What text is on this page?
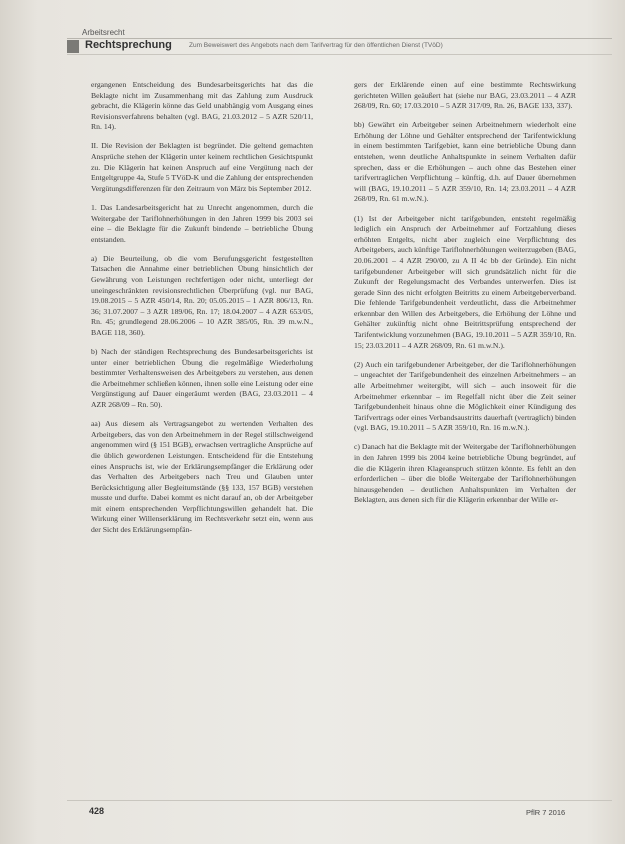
Arbeitsrecht
Rechtsprechung	Zum Beweiswert des Angebots nach dem Tarifvertrag für den öffentlichen Dienst (TVöD)

ergangenen Entscheidung des Bundesarbeitsgerichts hat das die Beklagte nicht im Zusammenhang mit das Zahlung zum Ausdruck gebracht, die Klägerin könne das Geld unabhängig vom Ausgang eines Revisionsverfahrens behalten (vgl. BAG, 21.03.2012 – 5 AZR 520/11, Rn. 14).

II. Die Revision der Beklagten ist begründet. Die geltend gemachten Ansprüche stehen der Klägerin unter keinem rechtlichen Gesichtspunkt zu. Die Klägerin hat keinen Anspruch auf eine Vergütung nach der Entgeltgruppe 4a, Stufe 5 TVöD-K und die Zahlung der entsprechenden Vergütungsdifferenzen für den Zeitraum von März bis September 2012.

1. Das Landesarbeitsgericht hat zu Unrecht angenommen, durch die Weitergabe der Tariflohnerhöhungen in den Jahren 1999 bis 2003 sei eine – die Beklagte für die Zukunft bindende – betriebliche Übung entstanden.

a) Die Beurteilung, ob die vom Berufungsgericht festgestellten Tatsachen die Annahme einer betrieblichen Übung hinsichtlich der Gewährung von Leistungen rechtfertigen oder nicht, unterliegt der uneingeschränkten revisionsrechtlichen Überprüfung (vgl. nur BAG, 19.08.2015 – 5 AZR 450/14, Rn. 20; 05.05.2015 – 1 AZR 806/13, Rn. 36; 31.07.2007 – 3 AZR 189/06, Rn. 17; 18.04.2007 – 4 AZR 653/05, Rn. 45; grundlegend 28.06.2006 – 10 AZR 385/05, Rn. 39 m.w.N., BAGE 118, 360).

b) Nach der ständigen Rechtsprechung des Bundesarbeitsgerichts ist unter einer betrieblichen Übung die regelmäßige Wiederholung bestimmter Verhaltensweisen des Arbeitgebers zu verstehen, aus denen die Arbeitnehmer schließen können, ihnen solle eine Leistung oder eine Vergünstigung auf Dauer eingeräumt werden (BAG, 23.03.2011 – 4 AZR 268/09 – Rn. 50).

aa) Aus diesem als Vertragsangebot zu wertenden Verhalten des Arbeitgebers, das von den Arbeitnehmern in der Regel stillschweigend angenommen wird (§ 151 BGB), erwachsen vertragliche Ansprüche auf die üblich gewordenen Leistungen. Entscheidend für die Entstehung eines Anspruchs ist, wie der Erklärungsempfänger die Erklärung oder das Verhalten des Arbeitgebers nach Treu und Glauben unter Berücksichtigung aller Begleitumstände (§§ 133, 157 BGB) verstehen musste und durfte. Dabei kommt es nicht darauf an, ob der Arbeitgeber mit einem entsprechenden Verpflichtungswillen gehandelt hat. Die Wirkung einer Willenserklärung im Rechtsverkehr setzt ein, wenn aus der Sicht des Erklärungsempfän-

gers der Erklärende einen auf eine bestimmte Rechtswirkung gerichteten Willen geäußert hat (siehe nur BAG, 23.03.2011 – 4 AZR 268/09, Rn. 60; 17.03.2010 – 5 AZR 317/09, Rn. 26, BAGE 133, 337).

bb) Gewährt ein Arbeitgeber seinen Arbeitnehmern wiederholt eine Erhöhung der Löhne und Gehälter entsprechend der Tarifentwicklung in einem bestimmten Tarifgebiet, kann eine betriebliche Übung dann entstehen, wenn deutliche Anhaltspunkte in seinem Verhalten dafür sprechen, dass er die Erhöhungen – auch ohne das Bestehen einer tarifvertraglichen Verpflichtung – künftig, d.h. auf Dauer übernehmen will (BAG, 19.10.2011 – 5 AZR 359/10, Rn. 14; 23.03.2011 – 4 AZR 268/09, Rn. 61 m.w.N.).

(1) Ist der Arbeitgeber nicht tarifgebunden, entsteht regelmäßig lediglich ein Anspruch der Arbeitnehmer auf Fortzahlung dieses erhöhten Entgelts, nicht aber zugleich eine Verpflichtung des Arbeitgebers, auch künftige Tariflohnerhöhungen weiterzugeben (BAG, 20.06.2001 – 4 AZR 290/00, zu A II 4c bb der Gründe). Ein nicht tarifgebundener Arbeitgeber will sich grundsätzlich nicht für die Zukunft der Regelungsmacht des Verbandes unterwerfen. Dies ist gerade Sinn des nicht erfolgten Beitritts zu einem Arbeitgeberverband. Die fehlende Tarifgebundenheit verdeutlicht, dass die Arbeitnehmer erkennbar den Willen des Arbeitgebers, die Erhöhung der Löhne und Gehälter zukünftig nicht ohne Beitrittsprüfung entsprechend der Tarifentwicklung vorzunehmen (BAG, 19.10.2011 – 5 AZR 359/10, Rn. 15; 23.03.2011 – 4 AZR 268/09, Rn. 61 m.w.N.).

(2) Auch ein tarifgebundener Arbeitgeber, der die Tariflohnerhöhungen – ungeachtet der Tarifgebundenheit des einzelnen Arbeitnehmers – an alle Arbeitnehmer weitergibt, will sich – auch insoweit für die Arbeitnehmer erkennbar – im Regelfall nicht über die Zeit seiner Tarifgebundenheit hinaus ohne die Möglichkeit einer Kündigung des Tarifvertrags oder eines Verbandsaustritts dauerhaft (vertraglich) binden (vgl. BAG, 19.10.2011 – 5 AZR 359/10, Rn. 16 m.w.N.).

c) Danach hat die Beklagte mit der Weitergabe der Tariflohnerhöhungen in den Jahren 1999 bis 2004 keine betriebliche Übung begründet, auf die die Klägerin ihren Klageanspruch stützen könnte. Es fehlt an den erforderlichen – über die bloße Weitergabe der Tariflohnerhöhungen hinausgehenden – deutlichen Anhaltspunkten im Verhalten der Beklagten, aus denen sich für die Klägerin erkennbar der Wille er-

428	PflR 7 2016
